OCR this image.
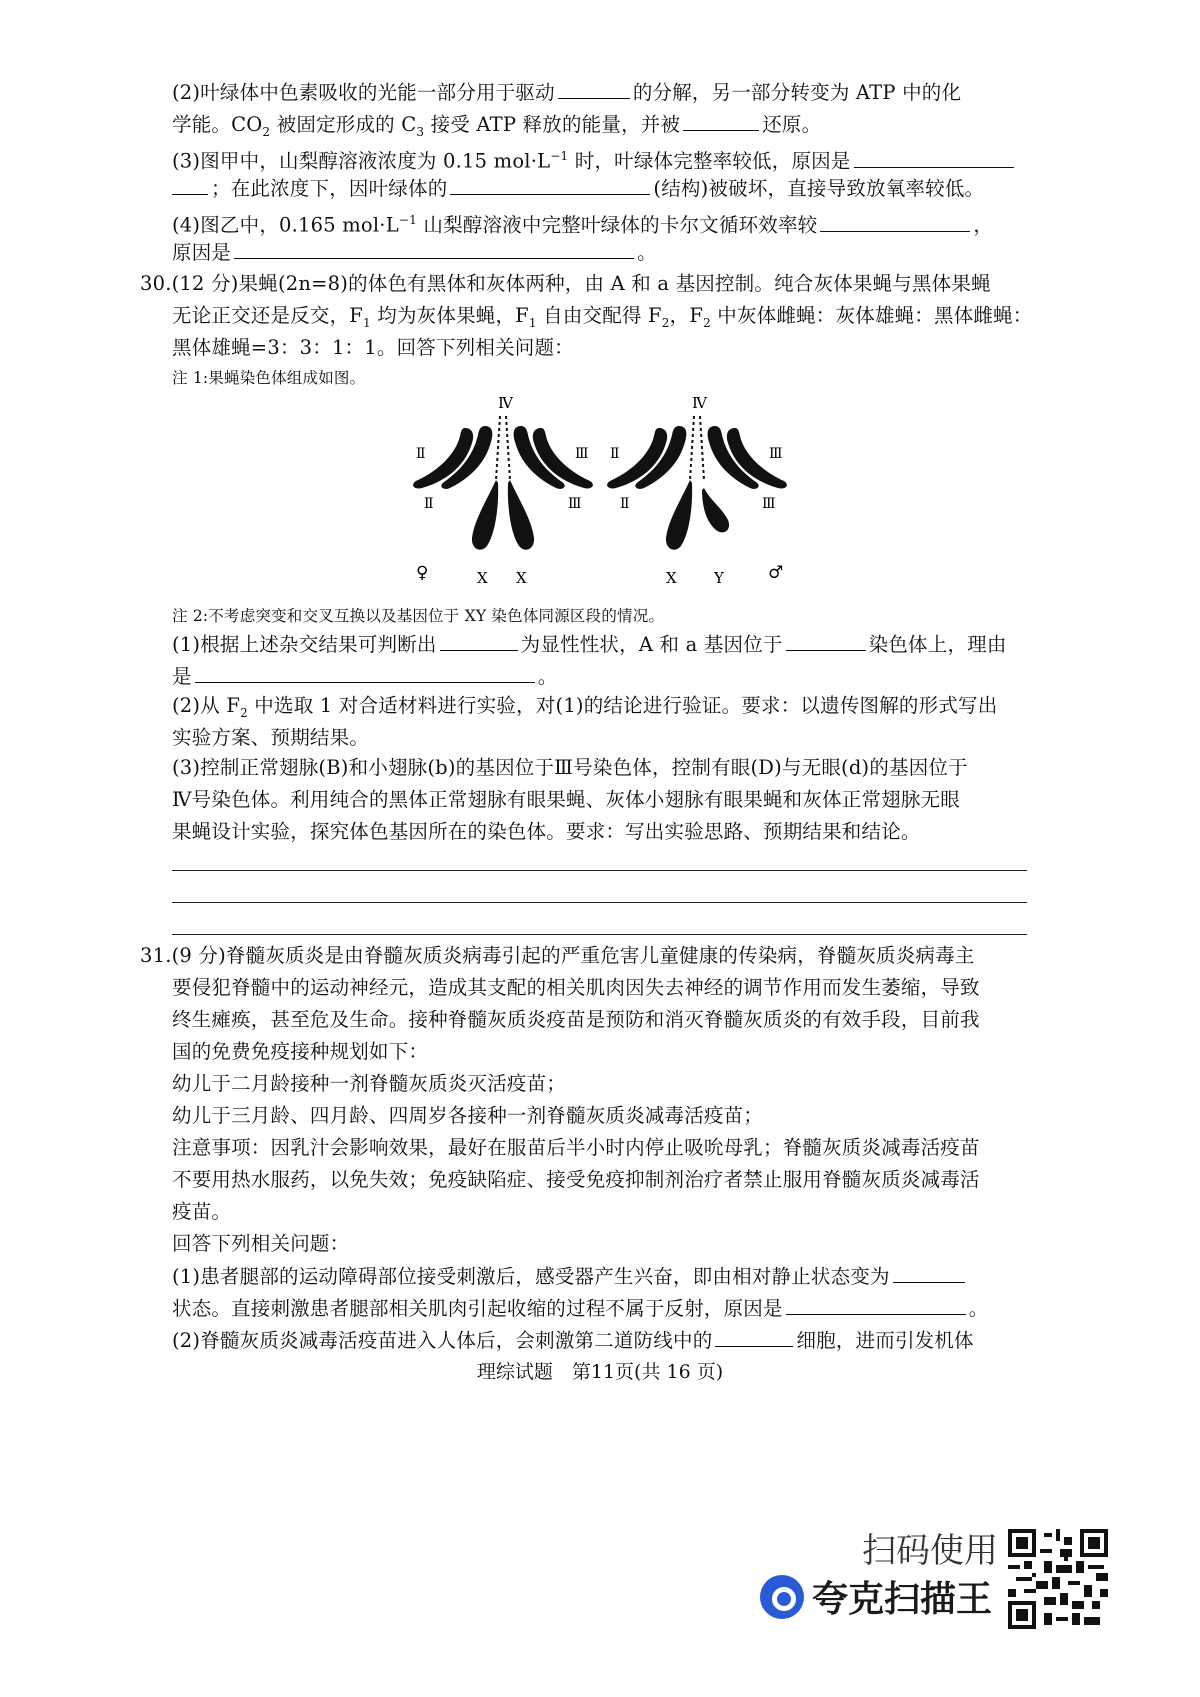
(2)叶绿体中色素吸收的光能一部分用于驱动	的分解，另一部分转变为 ATP 中的化
学能。$CO_2$ 被固定形成的 $C_3$ 接受 ATP 释放的能量，并被	还原。
(3)图甲中，山梨醇溶液浓度为 0.15 $mol\cdot L^{-1}$ 时，叶绿体完整率较低，原因是
；在此浓度下，因叶绿体的	(结构)被破坏，直接导致放氧率较低。
(4)图乙中，0.165 $mol\cdot L^{-1}$ 山梨醇溶液中完整叶绿体的卡尔文循环效率较	，
原因是	。
30.(12 分)果蝇(2n=8)的体色有黑体和灰体两种，由 A 和 a 基因控制。纯合灰体果蝇与黑体果蝇
无论正交还是反交，$F_1$ 均为灰体果蝇，$F_1$ 自由交配得 $F_2$，$F_2$ 中灰体雌蝇：灰体雄蝇：黑体雌蝇：
黑体雄蝇=3：3：1：1。回答下列相关问题：
注 1:果蝇染色体组成如图。
Ⅳ
Ⅱ	Ⅲ
Ⅱ	Ⅲ
♀	X X
Ⅳ
Ⅱ	Ⅲ
Ⅱ	Ⅲ
X Y	♂
注 2:不考虑突变和交叉互换以及基因位于 XY 染色体同源区段的情况。
(1)根据上述杂交结果可判断出	为显性性状，A 和 a 基因位于	染色体上，理由
是	。
(2)从 $F_2$ 中选取 1 对合适材料进行实验，对(1)的结论进行验证。要求：以遗传图解的形式写出
实验方案、预期结果。
(3)控制正常翅脉(B)和小翅脉(b)的基因位于Ⅲ号染色体，控制有眼(D)与无眼(d)的基因位于
Ⅳ号染色体。利用纯合的黑体正常翅脉有眼果蝇、灰体小翅脉有眼果蝇和灰体正常翅脉无眼
果蝇设计实验，探究体色基因所在的染色体。要求：写出实验思路、预期结果和结论。
31.(9 分)脊髓灰质炎是由脊髓灰质炎病毒引起的严重危害儿童健康的传染病，脊髓灰质炎病毒主
要侵犯脊髓中的运动神经元，造成其支配的相关肌肉因失去神经的调节作用而发生萎缩，导致
终生瘫痪，甚至危及生命。接种脊髓灰质炎疫苗是预防和消灭脊髓灰质炎的有效手段，目前我
国的免费免疫接种规划如下：
幼儿于二月龄接种一剂脊髓灰质炎灭活疫苗；
幼儿于三月龄、四月龄、四周岁各接种一剂脊髓灰质炎减毒活疫苗；
注意事项：因乳汁会影响效果，最好在服苗后半小时内停止吸吮母乳；脊髓灰质炎减毒活疫苗
不要用热水服药，以免失效；免疫缺陷症、接受免疫抑制剂治疗者禁止服用脊髓灰质炎减毒活
疫苗。
回答下列相关问题：
(1)患者腿部的运动障碍部位接受刺激后，感受器产生兴奋，即由相对静止状态变为
状态。直接刺激患者腿部相关肌肉引起收缩的过程不属于反射，原因是	。
(2)脊髓灰质炎减毒活疫苗进入人体后，会刺激第二道防线中的	细胞，进而引发机体
理综试题　第11页(共 16 页)
扫码使用
夸克扫描王
